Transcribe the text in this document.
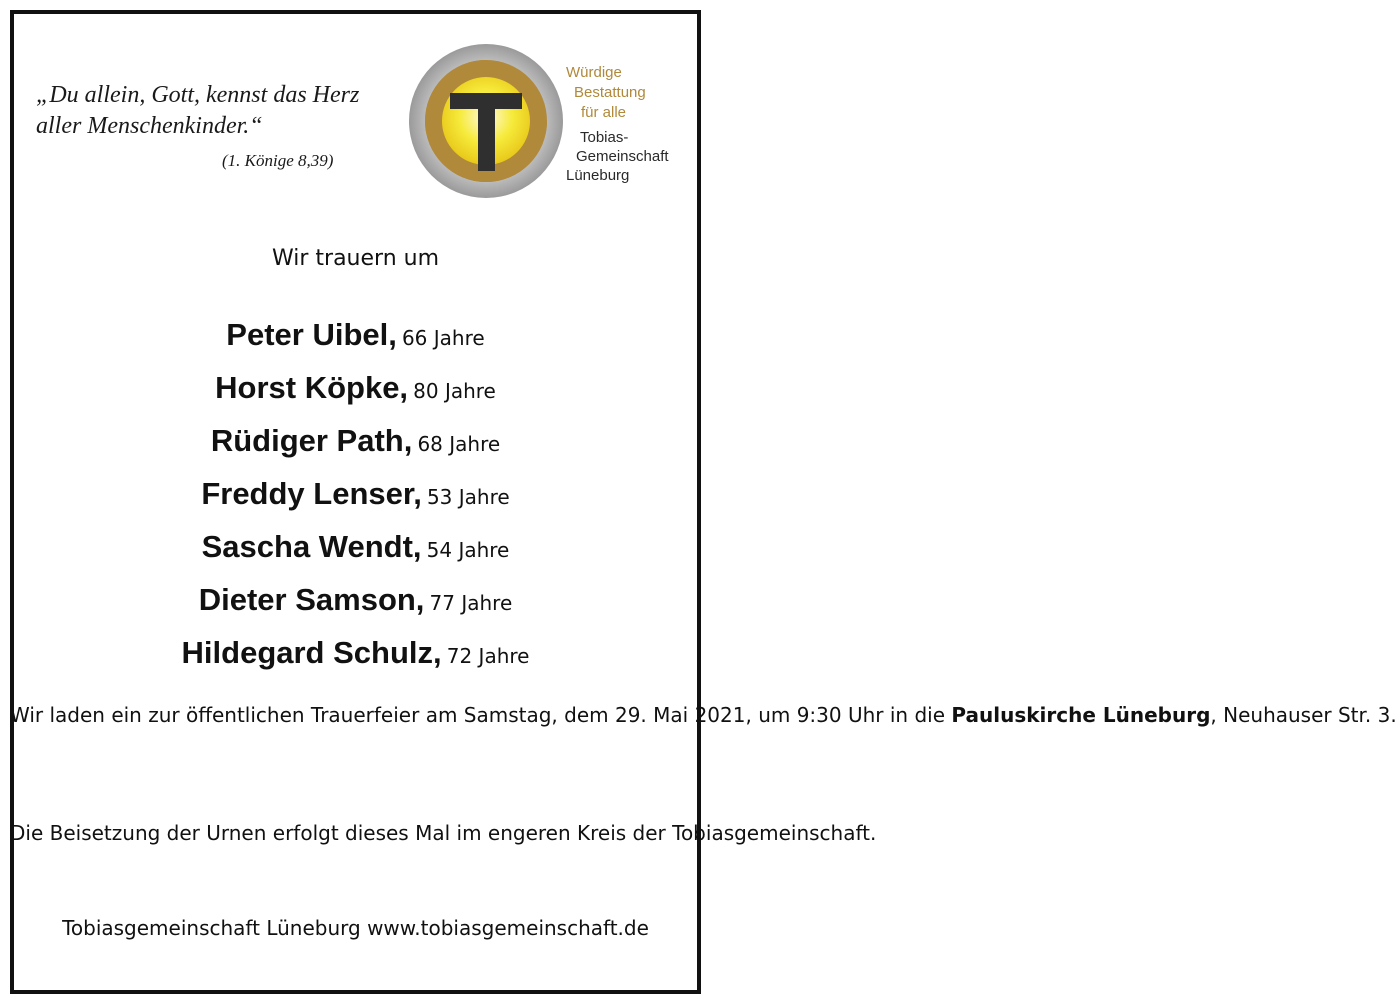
„Du allein, Gott, kennst das Herz
aller Menschenkinder.“
(1. Könige 8,39)
Würdige
Bestattung
für alle
Tobias-
Gemeinschaft
Lüneburg
Wir trauern um
Peter Uibel, 66 Jahre
Horst Köpke, 80 Jahre
Rüdiger Path, 68 Jahre
Freddy Lenser, 53 Jahre
Sascha Wendt, 54 Jahre
Dieter Samson, 77 Jahre
Hildegard Schulz, 72 Jahre
Wir laden ein zur öffentlichen Trauerfeier am Samstag, dem 29. Mai 2021, um 9:30 Uhr in die Pauluskirche Lüneburg, Neuhauser Str. 3.
Die Beisetzung der Urnen erfolgt dieses Mal im engeren Kreis der Tobiasgemeinschaft.
Tobiasgemeinschaft Lüneburg www.tobiasgemeinschaft.de
